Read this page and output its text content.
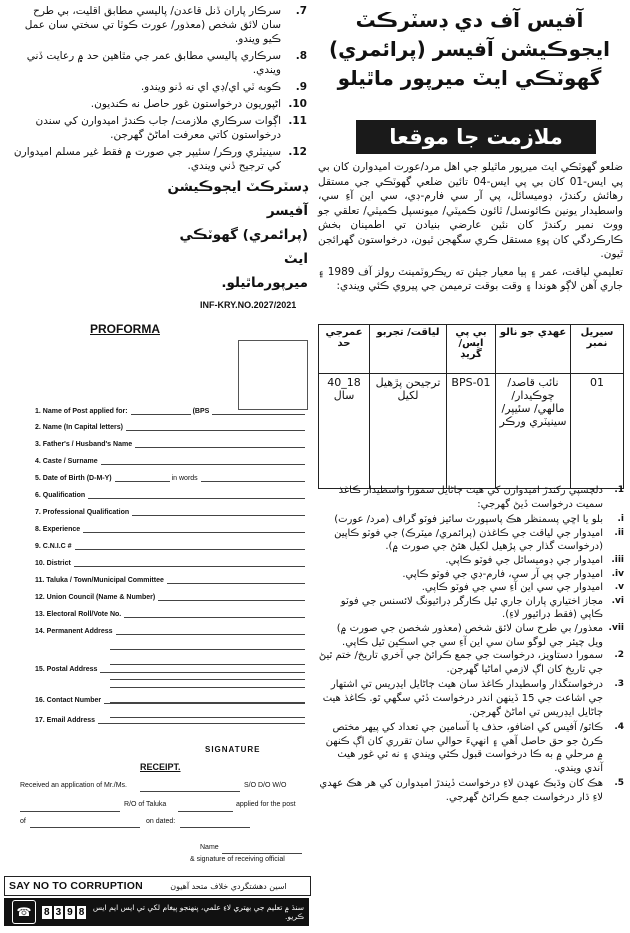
7.
سرڪار پاران ڏنل قاعدن/ پاليسي مطابق اقليت، بي طرح سان لائق شخص (معذور/ عورت ڪوٽا تي سختي سان عمل ڪيو ويندو.
8.
سرڪاري پاليسي مطابق عمر جي مٿاهين حد ۾ رعايت ڏني ويندي.
9.
ڪوبه ٽي اي/ڊي اي نه ڏنو ويندو.
10.
اڻپوريون درخواستون غور حاصل نه ڪنديون.
11.
اڳوات سرڪاري ملازمت/ جاب ڪندڙ اميدوارن کي سندن درخواستون کاتي معرفت اماڻڻ گهرجن.
12.
سينيٽري ورڪر/ سئيپر جي صورت ۾ فقط غير مسلم اميدوارن کي ترجيح ڏني ويندي.
ڊسٽرڪٽ ايجوڪيشن آفيسر
(پرائمري) گهوٽڪي ايٽ
ميرپورماٿيلو.
INF-KRY.NO.2027/2021
PROFORMA
1. Name of Post applied for:	(BPS
2. Name (In Capital letters)
3. Father's / Husband's Name
4. Caste / Surname
5. Date of Birth (D-M-Y)	in words
6. Qualification
7. Professional Qualification
8. Experience
9. C.N.I.C #
10. District
11. Taluka / Town/Municipal Committee
12. Union Council (Name & Number)
13. Electoral Roll/Vote No.
14. Permanent Address
15. Postal Address
16. Contact Number
17. Email Address
SIGNATURE
RECEIPT.
Received an application of Mr./Ms.	S/O D/O W/O
R/O of Taluka	applied for the post
of	on dated:
Name
& signature of receiving official
SAY NO TO CORRUPTION	اسين دهشتگردي خلاف متحد آهيون
☎	8 3 9 8	سنڌ ۾ تعليم جي بهتري لاءِ علمي، پنهنجو پيغام لکي تي ايس ايم ايس ڪريو.
آفيس آف دي ڊسٽرڪٽ
ايجوڪيشن آفيسر (پرائمري)
گهوٽڪي ايٽ ميرپور ماٿيلو
ملازمت جا موقعا

ضلعو گهوٽڪي ايٽ ميرپور ماٿيلو جي اهل مرد/عورت اميدوارن کان بي پي ايس-01 کان بي پي ايس-04 تائين ضلعي گهوٽڪي جي مستقل رهائش رکندڙ، ڊوميسائل، پي آر سي فارم-ڊي، سي اين آءِ سي، واسطيدار يونين ڪائونسل/ ٽائون ڪميٽي/ ميونسپل ڪميٽي/ تعلقي جو ووٽ نمبر رکندڙ کان نئين عارضي بنيادن تي اطمينان بخش ڪارڪردگي کان پوءِ مستقل ڪري سگهجن ٿيون، درخواستون گهرائجن ٿيون.

تعليمي لياقت، عمر ۽ ٻيا معيار جيئن ته ريڪروٽمينٽ رولز آف 1989 ۽ جاري آهن لاڳو هوندا ۽ وقت بوقت ترميمن جي پيروي ڪئي ويندي:

سيريل نمبر	عهدي جو نالو	بي پي ايس/ گريڊ	لياقت/ تجربو	عمرجي حد
01	نائب قاصد/ چوڪيدار/ مالهي/ سئيپر/ سينيٽري ورڪر	BPS-01	ترجيحن پڙهيل لکيل	18_40 سال
1.
دلچسپي رکندڙ اميدوارن کي هيٺ ڄاڻايل سمورا واسطيدار ڪاغذ سميت درخواست ڏيڻ گهرجي:
i.
بلو يا اڇي پسمنظر هڪ پاسپورٽ سائيز فوٽو گراف (مرد/ عورت)
ii.
اميدوار جي لياقت جي ڪاغذن (پرائمري/ ميٽرڪ) جي فوٽو ڪاپين (درخواست گذار جي پڙهيل لکيل هئڻ جي صورت ۾).
iii.
اميدوار جي ڊوميسائل جي فوٽو ڪاپي.
iv.
اميدوار جي پي آر سي، فارم-ڊي جي فوٽو ڪاپي.
v.
اميدوار جي سي اين آءِ سي جي فوٽو ڪاپي.
vi.
مجاز اختياري پاران جاري ٿيل ڪارگر ڊرائيونگ لائسنس جي فوٽو ڪاپي (فقط ڊرائيور لاءِ).
vii.
معذور/ بي طرح سان لائق شخص (معذور شخصن جي صورت ۾) ويل چيئر جي لوگو سان سي اين آءِ سي جي اسڪين ٿيل ڪاپي.
2.
سمورا دستاويز، درخواست جي جمع ڪرائڻ جي آخري تاريخ/ ختم ٿيڻ جي تاريخ کان اڳ لازمي اماڻيا گهرجن.
3.
درخواستگذار واسطيدار ڪاغذ سان هيٺ ڄاڻايل ايڊريس تي اشتهار جي اشاعت جي 15 ڏينهن اندر درخواست ڏئي سگهي ٿو. ڪاغذ هيٺ ڄاڻايل ايڊريس تي اماڻڻ گهرجن.
4.
ڪاٽو/ آفيس کي اضافو، حذف يا آسامين جي تعداد کي پيهر مختص ڪرڻ جو حق حاصل آهي ۽ انهيءَ حوالي سان تقرري کان اڳ ڪنهن ۾ مرحلي ۾ به ڪا درخواست قبول ڪئي ويندي ۽ نه ئي غور هيٺ آندي ويندي.
5.
هڪ کان وڌيڪ عهدن لاءِ درخواست ڏيندڙ اميدوارن کي هر هڪ عهدي لاءِ ڌار درخواست جمع ڪرائڻ گهرجي.
